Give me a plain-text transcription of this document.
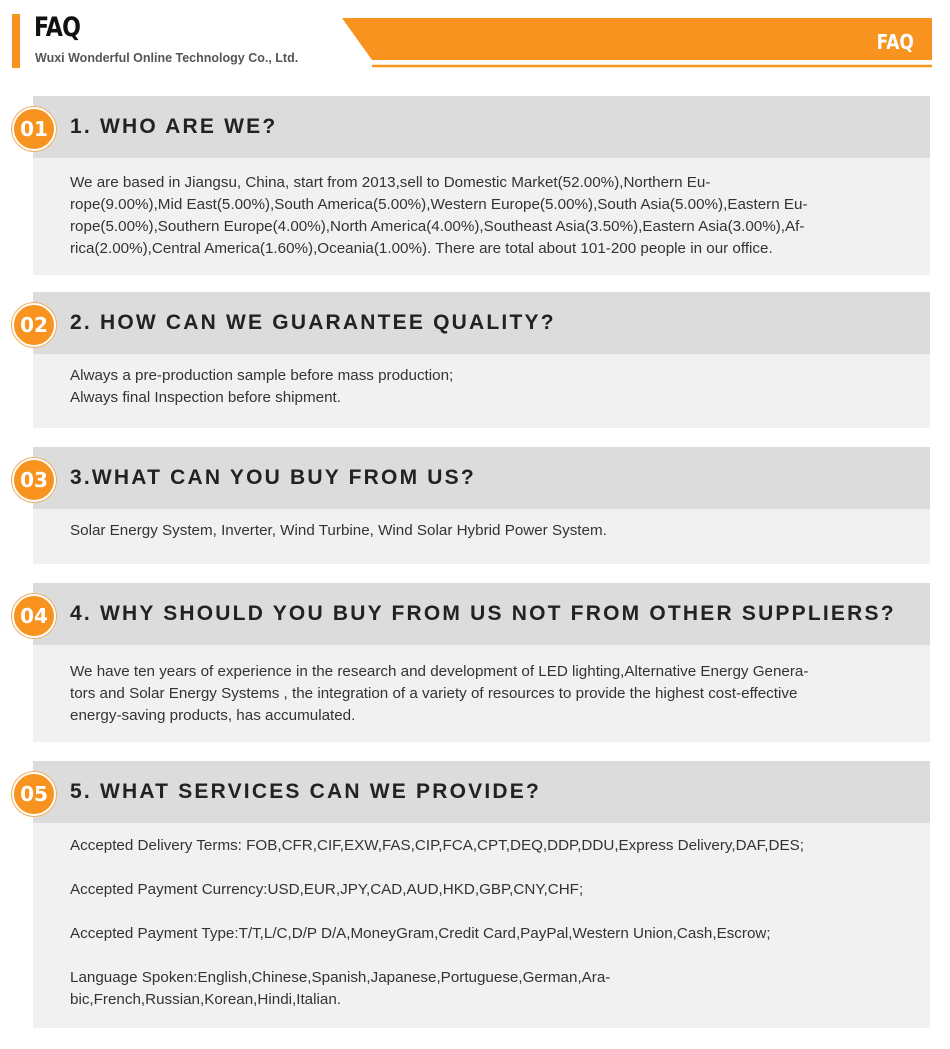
FAQ
Wuxi Wonderful Online Technology Co., Ltd.
FAQ
01	1. WHO ARE WE?
We are based in Jiangsu, China, start from 2013,sell to Domestic Market(52.00%),Northern Eu-
rope(9.00%),Mid East(5.00%),South America(5.00%),Western Europe(5.00%),South Asia(5.00%),Eastern Eu-
rope(5.00%),Southern Europe(4.00%),North America(4.00%),Southeast Asia(3.50%),Eastern Asia(3.00%),Af-
rica(2.00%),Central America(1.60%),Oceania(1.00%). There are total about 101-200 people in our office.
02	2. HOW CAN WE GUARANTEE QUALITY?
Always a pre-production sample before mass production;
Always final Inspection before shipment.
03	3.WHAT CAN YOU BUY FROM US?
Solar Energy System, Inverter, Wind Turbine, Wind Solar Hybrid Power System.
04	4. WHY SHOULD YOU BUY FROM US NOT FROM OTHER SUPPLIERS?
We have ten years of experience in the research and development of LED lighting,Alternative Energy Genera-
tors and Solar Energy Systems , the integration of a variety of resources to provide the highest cost-effective
energy-saving products, has accumulated.
05	5. WHAT SERVICES CAN WE PROVIDE?
Accepted Delivery Terms: FOB,CFR,CIF,EXW,FAS,CIP,FCA,CPT,DEQ,DDP,DDU,Express Delivery,DAF,DES;
Accepted Payment Currency:USD,EUR,JPY,CAD,AUD,HKD,GBP,CNY,CHF;
Accepted Payment Type:T/T,L/C,D/P D/A,MoneyGram,Credit Card,PayPal,Western Union,Cash,Escrow;
Language Spoken:English,Chinese,Spanish,Japanese,Portuguese,German,Ara-
bic,French,Russian,Korean,Hindi,Italian.
